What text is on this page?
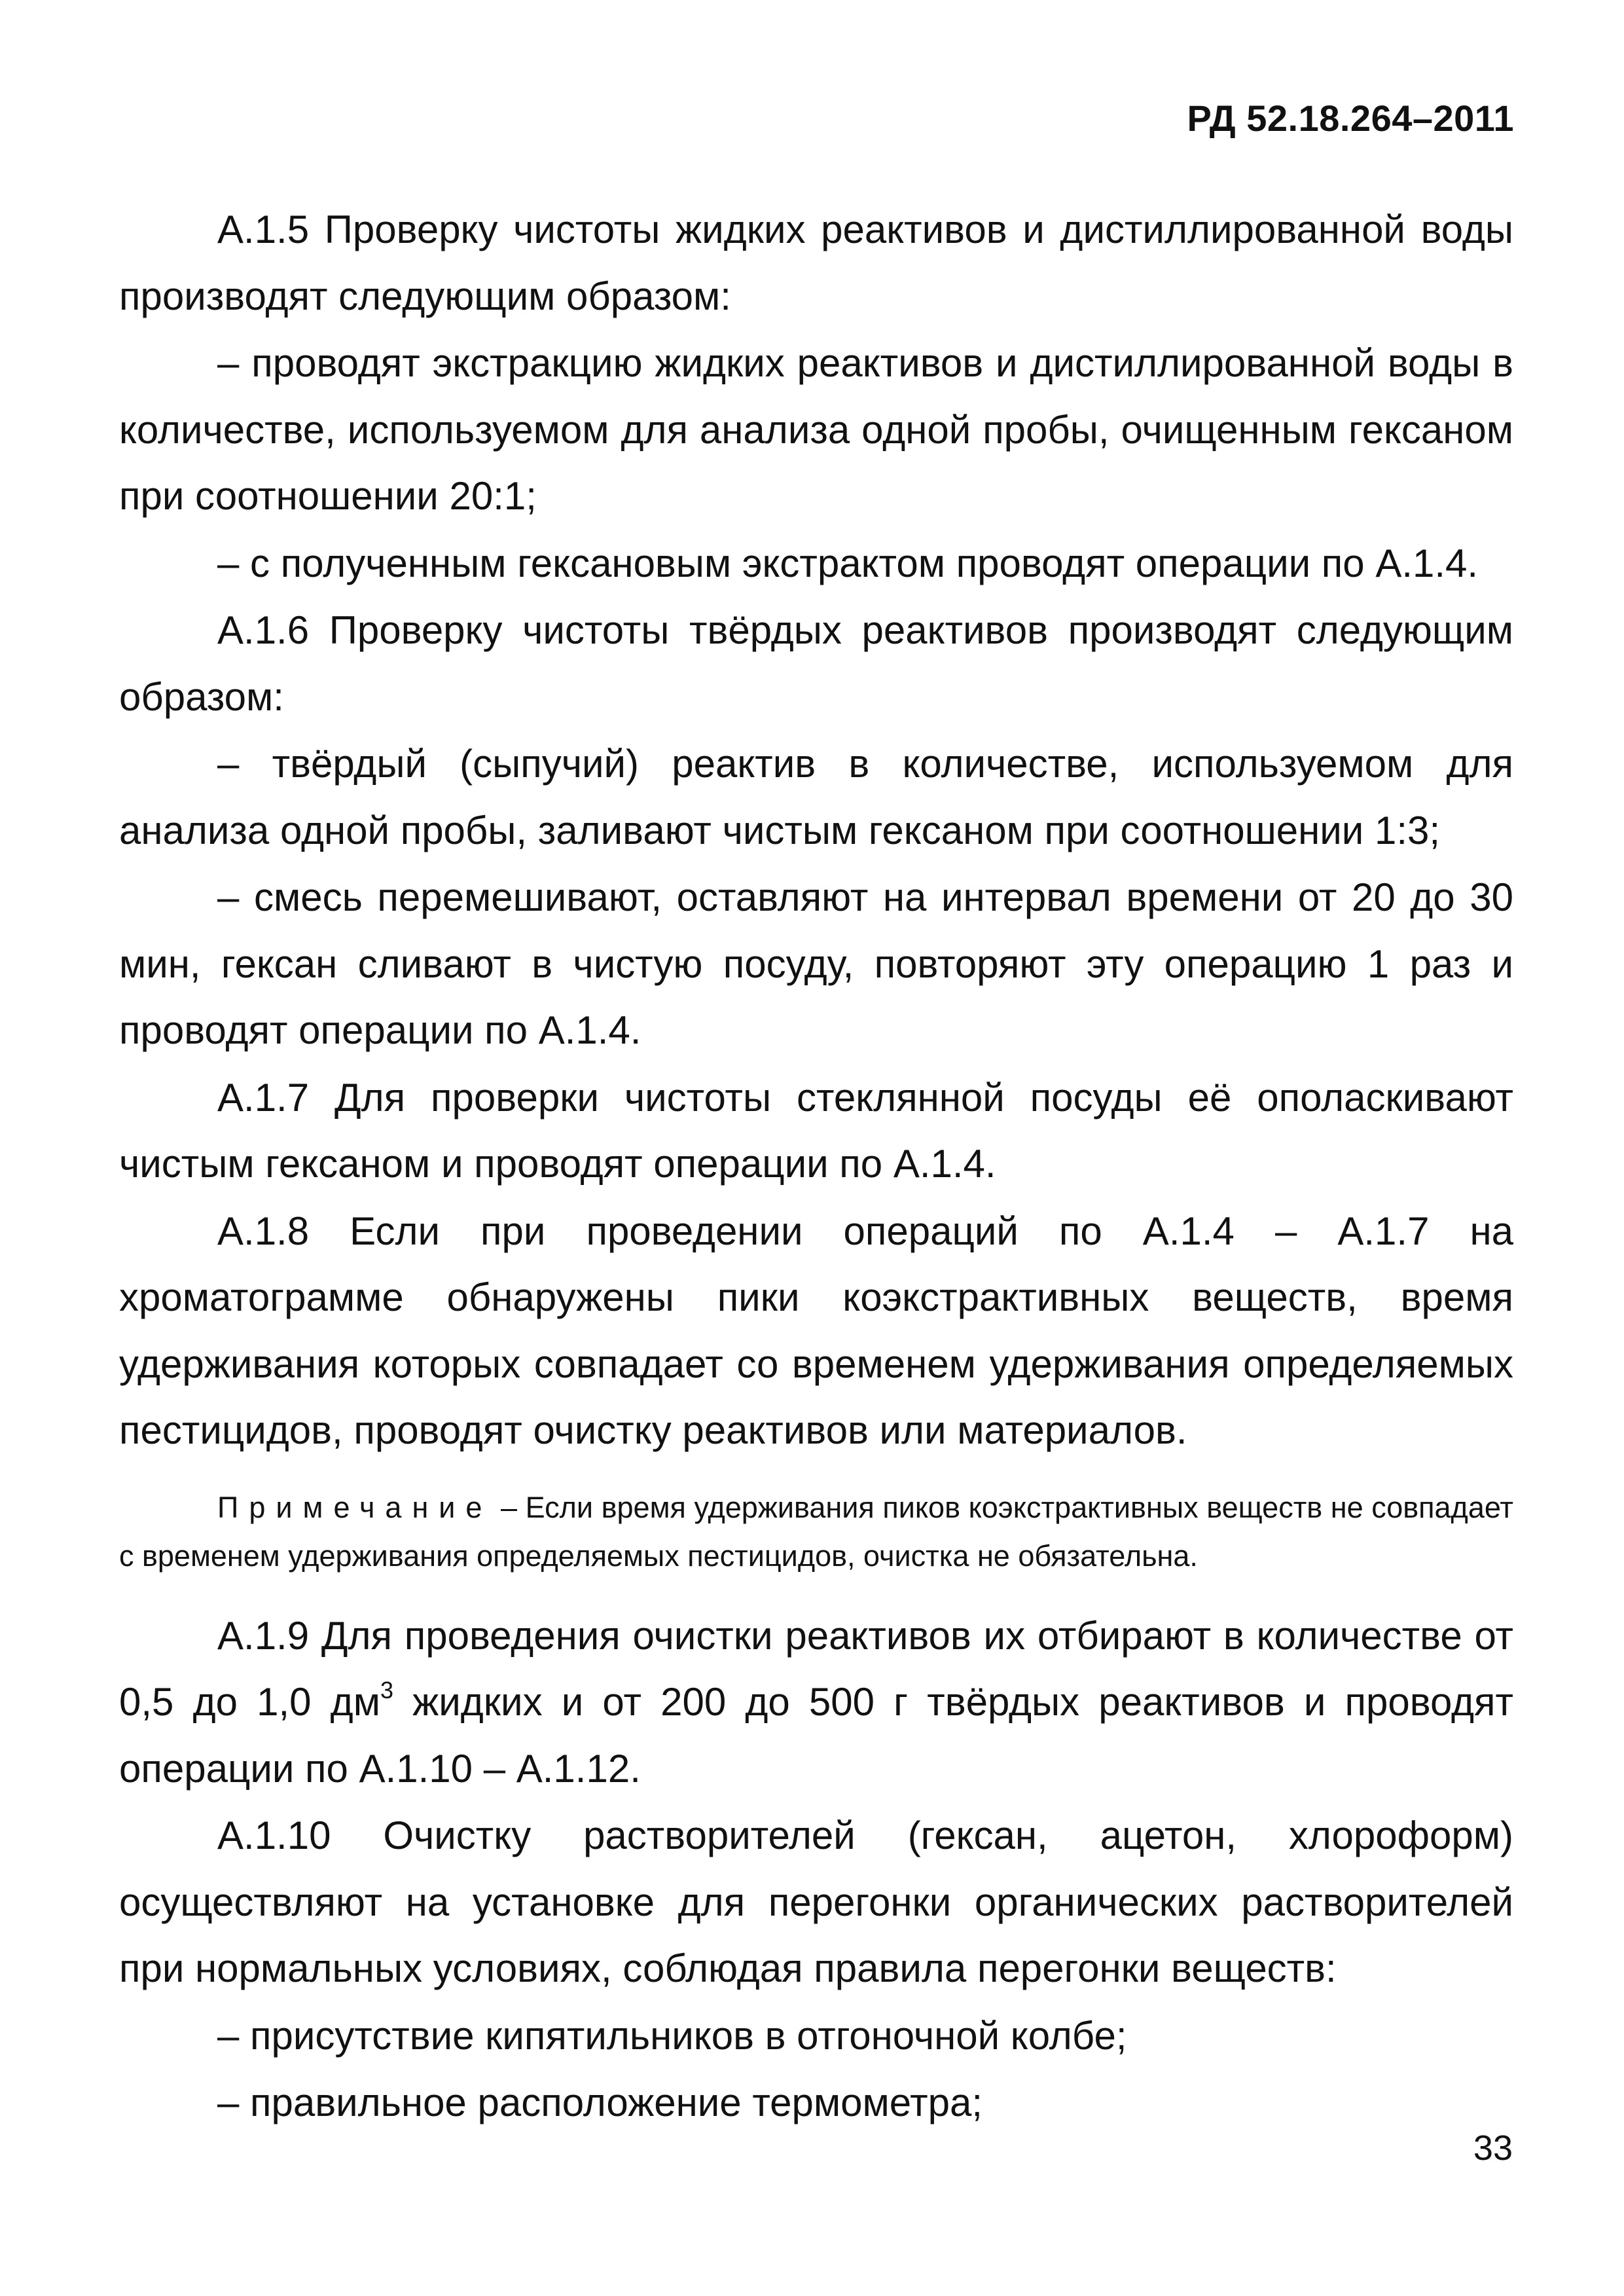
РД 52.18.264–2011

А.1.5 Проверку чистоты жидких реактивов и дистиллированной воды производят следующим образом:

– проводят экстракцию жидких реактивов и дистиллированной воды в количестве, используемом для анализа одной пробы, очищенным гексаном при соотношении 20:1;

– с полученным гексановым экстрактом проводят операции по А.1.4.

А.1.6 Проверку чистоты твёрдых реактивов производят следующим образом:

– твёрдый (сыпучий) реактив в количестве, используемом для анализа одной пробы, заливают чистым гексаном при соотношении 1:3;

– смесь перемешивают, оставляют на интервал времени от 20 до 30 мин, гексан сливают в чистую посуду, повторяют эту операцию 1 раз и проводят операции по А.1.4.

А.1.7 Для проверки чистоты стеклянной посуды её ополаскивают чистым гексаном и проводят операции по А.1.4.

А.1.8 Если при проведении операций по А.1.4 – А.1.7 на хроматограмме обнаружены пики коэкстрактивных веществ, время удерживания которых совпадает со временем удерживания определяемых пестицидов, проводят очистку реактивов или материалов.

Примечание – Если время удерживания пиков коэкстрактивных веществ не совпадает с временем удерживания определяемых пестицидов, очистка не обязательна.

А.1.9 Для проведения очистки реактивов их отбирают в количестве от 0,5 до 1,0 $дм^3$ жидких и от 200 до 500 г твёрдых реактивов и проводят операции по А.1.10 – А.1.12.

А.1.10 Очистку растворителей (гексан, ацетон, хлороформ) осуществляют на установке для перегонки органических растворителей при нормальных условиях, соблюдая правила перегонки веществ:

– присутствие кипятильников в отгоночной колбе;

– правильное расположение термометра;

33
